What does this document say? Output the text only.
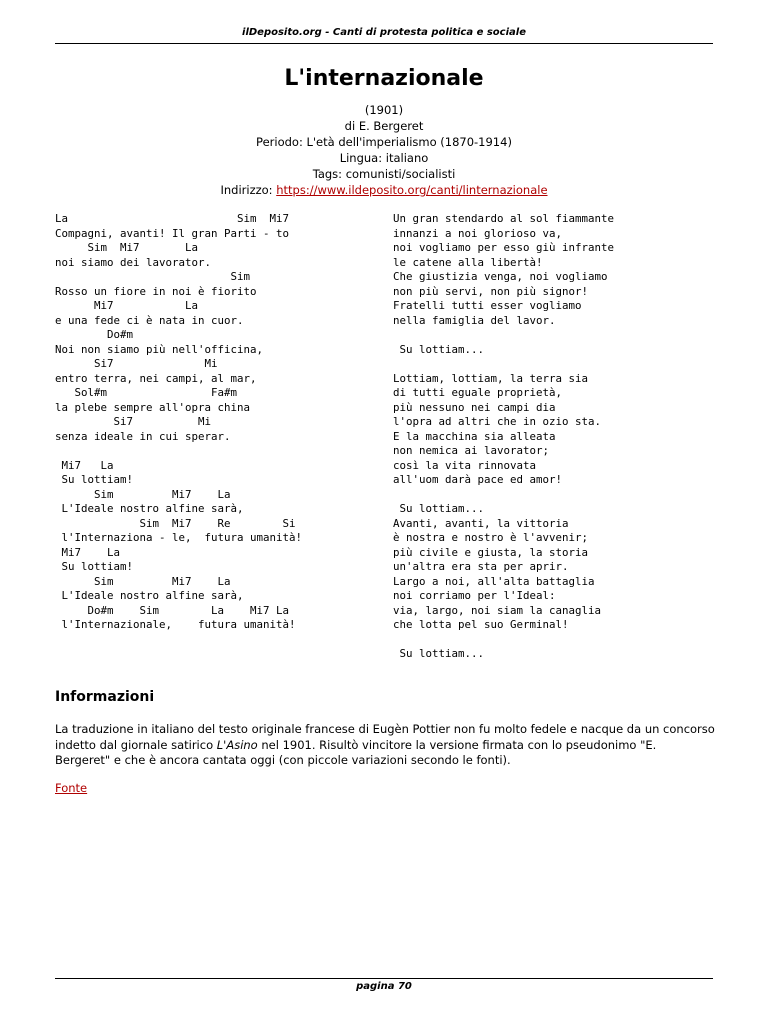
ilDeposito.org - Canti di protesta politica e sociale
L'internazionale
(1901)
di E. Bergeret
Periodo: L'età dell'imperialismo (1870-1914)
Lingua: italiano
Tags: comunisti/socialisti
Indirizzo: https://www.ildeposito.org/canti/linternazionale
La                          Sim  Mi7
Compagni, avanti! Il gran Parti - to
Sim  Mi7       La
noi siamo dei lavorator.
Sim
Rosso un fiore in noi è fiorito
Mi7           La
e una fede ci è nata in cuor.
Do#m
Noi non siamo più nell'officina,
Si7              Mi
entro terra, nei campi, al mar,
Sol#m                Fa#m
la plebe sempre all'opra china
Si7          Mi
senza ideale in cui sperar.

Mi7   La
Su lottiam!
Sim         Mi7    La
L'Ideale nostro alfine sarà,
Sim  Mi7    Re        Si
l'Internaziona - le,  futura umanità!
Mi7    La
Su lottiam!
Sim         Mi7    La
L'Ideale nostro alfine sarà,
Do#m    Sim        La    Mi7 La
l'Internazionale,    futura umanità!
Un gran stendardo al sol fiammante
innanzi a noi glorioso va,
noi vogliamo per esso giù infrante
le catene alla libertà!
Che giustizia venga, noi vogliamo
non più servi, non più signor!
Fratelli tutti esser vogliamo
nella famiglia del lavor.

Su lottiam...

Lottiam, lottiam, la terra sia
di tutti eguale proprietà,
più nessuno nei campi dia
l'opra ad altri che in ozio sta.
E la macchina sia alleata
non nemica ai lavorator;
così la vita rinnovata
all'uom darà pace ed amor!

Su lottiam...
Avanti, avanti, la vittoria
è nostra e nostro è l'avvenir;
più civile e giusta, la storia
un'altra era sta per aprir.
Largo a noi, all'alta battaglia
noi corriamo per l'Ideal:
via, largo, noi siam la canaglia
che lotta pel suo Germinal!

Su lottiam...
Informazioni
La traduzione in italiano del testo originale francese di Eugèn Pottier non fu molto fedele e nacque da un concorso indetto dal giornale satirico L'Asino nel 1901. Risultò vincitore la versione firmata con lo pseudonimo "E. Bergeret" e che è ancora cantata oggi (con piccole variazioni secondo le fonti).
Fonte
pagina 70
